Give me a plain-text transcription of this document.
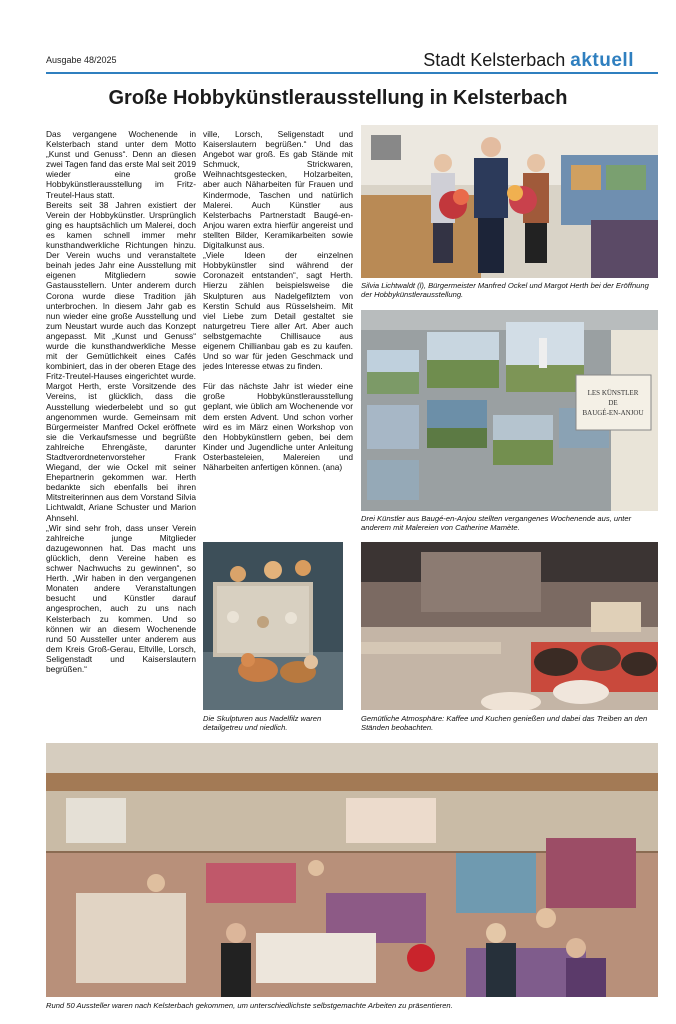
Ausgabe 48/2025	Stadt Kelsterbach aktuell
Große Hobbykünstlerausstellung in Kelsterbach

Das vergangene Wochenende in Kelsterbach stand unter dem Motto „Kunst und Genuss“. Denn an diesen zwei Tagen fand das erste Mal seit 2019 wieder eine große Hobbykünstlerausstellung im Fritz-Treutel-Haus statt.

Bereits seit 38 Jahren existiert der Verein der Hobbykünstler. Ursprünglich ging es hauptsächlich um Malerei, doch es kamen schnell immer mehr kunsthandwerkliche Richtungen hinzu. Der Verein wuchs und veranstaltete beinah jedes Jahr eine Ausstellung mit eigenen Mitgliedern sowie Gastausstellern. Unter anderem durch Corona wurde diese Tradition jäh unterbrochen. In diesem Jahr gab es nun wieder eine große Ausstellung und zum Neustart wurde auch das Konzept angepasst. Mit „Kunst und Genuss“ wurde die kunsthandwerkliche Messe mit der Gemütlichkeit eines Cafés kombiniert, das in der oberen Etage des Fritz-Treutel-Hauses eingerichtet wurde. Margot Herth, erste Vorsitzende des Vereins, ist glücklich, dass die Ausstellung wiederbelebt und so gut angenommen wurde. Gemeinsam mit Bürgermeister Manfred Ockel eröffnete sie die Verkaufsmesse und begrüßte zahlreiche Ehrengäste, darunter Stadtverordnetenvorsteher Frank Wiegand, der wie Ockel mit seiner Ehepartnerin gekommen war. Herth bedankte sich ebenfalls bei ihren Mitstreiterinnen aus dem Vorstand Silvia Lichtwaldt, Ariane Schuster und Marion Ahnsehl.

„Wir sind sehr froh, dass unser Verein zahlreiche junge Mitglieder dazugewonnen hat. Das macht uns glücklich, denn Vereine haben es schwer Nachwuchs zu gewinnen“, so Herth. „Wir haben in den vergangenen Monaten andere Veranstaltungen besucht und Künstler darauf angesprochen, auch zu uns nach Kelsterbach zu kommen. Und so können wir an diesem Wochenende rund 50 Aussteller unter anderem aus dem Kreis Groß-Gerau, Eltville, Lorsch, Seligenstadt und Kaiserslautern begrüßen.“

ville, Lorsch, Seligenstadt und Kaiserslautern begrüßen.“ Und das Angebot war groß. Es gab Stände mit Schmuck, Strickwaren, Weihnachtsgestecken, Holzarbeiten, aber auch Näharbeiten für Frauen und Kindermode, Taschen und natürlich Malerei. Auch Künstler aus Kelsterbachs Partnerstadt Baugé-en-Anjou waren extra hierfür angereist und stellten Bilder, Keramikarbeiten sowie Digitalkunst aus.

„Viele Ideen der einzelnen Hobbykünstler sind während der Coronazeit entstanden“, sagt Herth. Hierzu zählen beispielsweise die Skulpturen aus Nadelgefilztem von Kerstin Schuld aus Rüsselsheim. Mit viel Liebe zum Detail gestaltet sie naturgetreu Tiere aller Art. Aber auch selbstgemachte Chillisauce aus eigenem Chillianbau gab es zu kaufen. Und so war für jeden Geschmack und jedes Interesse etwas zu finden.

Für das nächste Jahr ist wieder eine große Hobbykünstlerausstellung geplant, wie üblich am Wochenende vor dem ersten Advent. Und schon vorher wird es im März einen Workshop von den Hobbykünstlern geben, bei dem Kinder und Jugendliche unter Anleitung Osterbasteleien, Malereien und Näharbeiten anfertigen können. (ana)

Silvia Lichtwaldt (l), Bürgermeister Manfred Ockel und Margot Herth bei der Eröffnung der Hobbykünstlerausstellung.
LES KÜNSTLER
DE
BAUGÉ-EN-ANJOU
Drei Künstler aus Baugé-en-Anjou stellten vergangenes Wochenende aus, unter anderem mit Malereien von Catherine Mamète.
Die Skulpturen aus Nadelfilz waren detailgetreu und niedlich.
Gemütliche Atmosphäre: Kaffee und Kuchen genießen und dabei das Treiben an den Ständen beobachten.
Rund 50 Aussteller waren nach Kelsterbach gekommen, um unterschiedlichste selbstgemachte Arbeiten zu präsentieren.
